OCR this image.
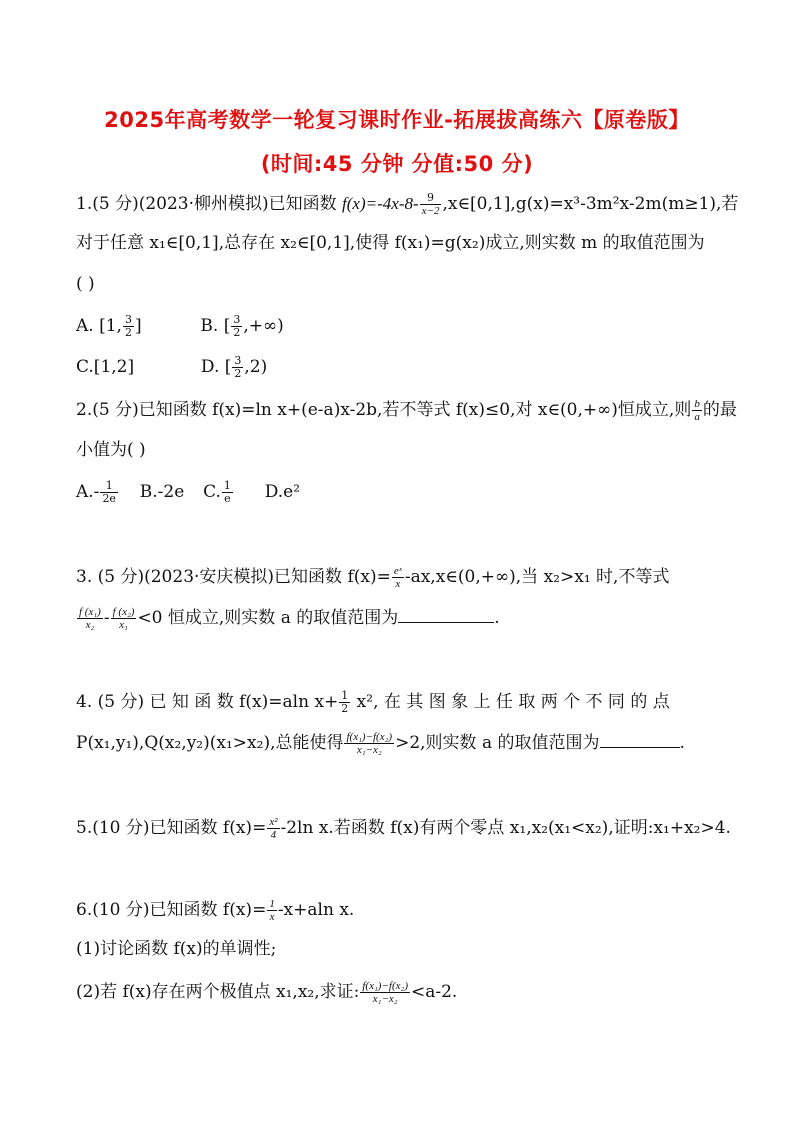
2025年高考数学一轮复习课时作业-拓展拔高练六【原卷版】
(时间:45 分钟 分值:50 分)
1.(5 分)(2023·柳州模拟)已知函数 $f(x)=-4x-8- \frac{9}{x-2}$ ,x∈[0,1],g(x)=x³-3m²x-2m(m≥1),若
对于任意 x₁∈[0,1],总存在 x₂∈[0,1],使得 f(x₁)=g(x₂)成立,则实数 m 的取值范围为
( )
A. [1, $\frac{3}{2}$ ]	B. [ $\frac{3}{2}$ ,+∞)
C.[1,2]	D. [ $\frac{3}{2} ,2$)
2.(5 分)已知函数 f(x)=ln x+(e-a)x-2b,若不等式 f(x)≤0,对 x∈(0,+∞)恒成立,则 $\frac{b}{a}$ 的最
小值为( )
$A.- \frac{1}{2e} B.-2e$ C. $\frac{1}{e} D.e^2$
3. (5 分)(2023·安庆模拟)已知函数 $f(x)= \frac{\text{eˣ}}{x}$ -ax,x∈(0,+∞),当 x₂>x₁ 时,不等式
$\frac{\text{f (x₁)}}{\text{x₂}} - \frac{\text{f (x₂)}}{\text{x₁}} <0$ 恒成立,则实数 a 的取值范围为	.
4. (5 分) 已 知 函 数 f(x)=aln $x+ \frac{1}{2} x^2$, 在 其 图 象 上 任 取 两 个 不 同 的 点
P(x₁,y₁),Q(x₂,y₂)(x₁>x₂),总能使得 $\frac{\text{f(x₁)−f(x₂)}}{\text{x₁−x₂}} >2$,则实数 a 的取值范围为	.
5.(10 分)已知函数 $f(x)= \frac{\text{x²}}{4} -2\ln$ x.若函数 f(x)有两个零点 x₁,x₂(x₁<x₂),证明:x₁+x₂>4.
6.(10 分)已知函数 $f(x)= \frac{1}{x} -x+aln$ x.
(1)讨论函数 f(x)的单调性;
(2)若 f(x)存在两个极值点 x₁,x₂,求证: $\frac{\text{f(x₁)−f(x₂)}}{\text{x₁−x₂}} <a-2$.
